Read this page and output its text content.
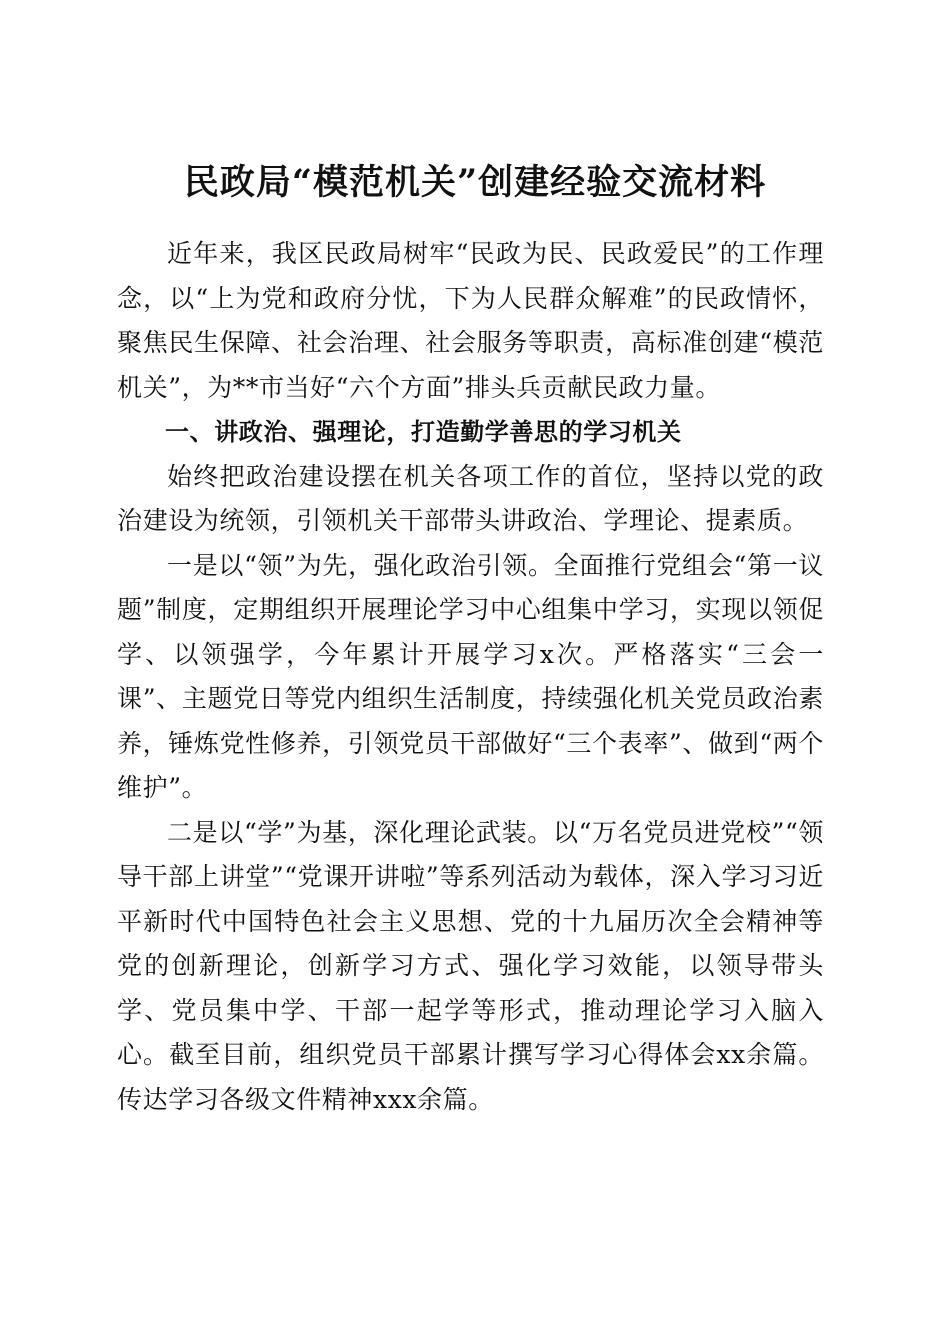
民政局“模范机关”创建经验交流材料

近年来，我区民政局树牢“民政为民、民政爱民”的工作理念，以“上为党和政府分忧，下为人民群众解难”的民政情怀，聚焦民生保障、社会治理、社会服务等职责，高标准创建“模范机关”，为**市当好“六个方面”排头兵贡献民政力量。

一、讲政治、强理论，打造勤学善思的学习机关

始终把政治建设摆在机关各项工作的首位，坚持以党的政治建设为统领，引领机关干部带头讲政治、学理论、提素质。

一是以“领”为先，强化政治引领。全面推行党组会“第一议题”制度，定期组织开展理论学习中心组集中学习，实现以领促学、以领强学，今年累计开展学习x次。严格落实“三会一课”、主题党日等党内组织生活制度，持续强化机关党员政治素养，锤炼党性修养，引领党员干部做好“三个表率”、做到“两个维护”。

二是以“学”为基，深化理论武装。以“万名党员进党校”“领导干部上讲堂”“党课开讲啦”等系列活动为载体，深入学习习近平新时代中国特色社会主义思想、党的十九届历次全会精神等党的创新理论，创新学习方式、强化学习效能，以领导带头学、党员集中学、干部一起学等形式，推动理论学习入脑入心。截至目前，组织党员干部累计撰写学习心得体会xx余篇。传达学习各级文件精神xxx余篇。
